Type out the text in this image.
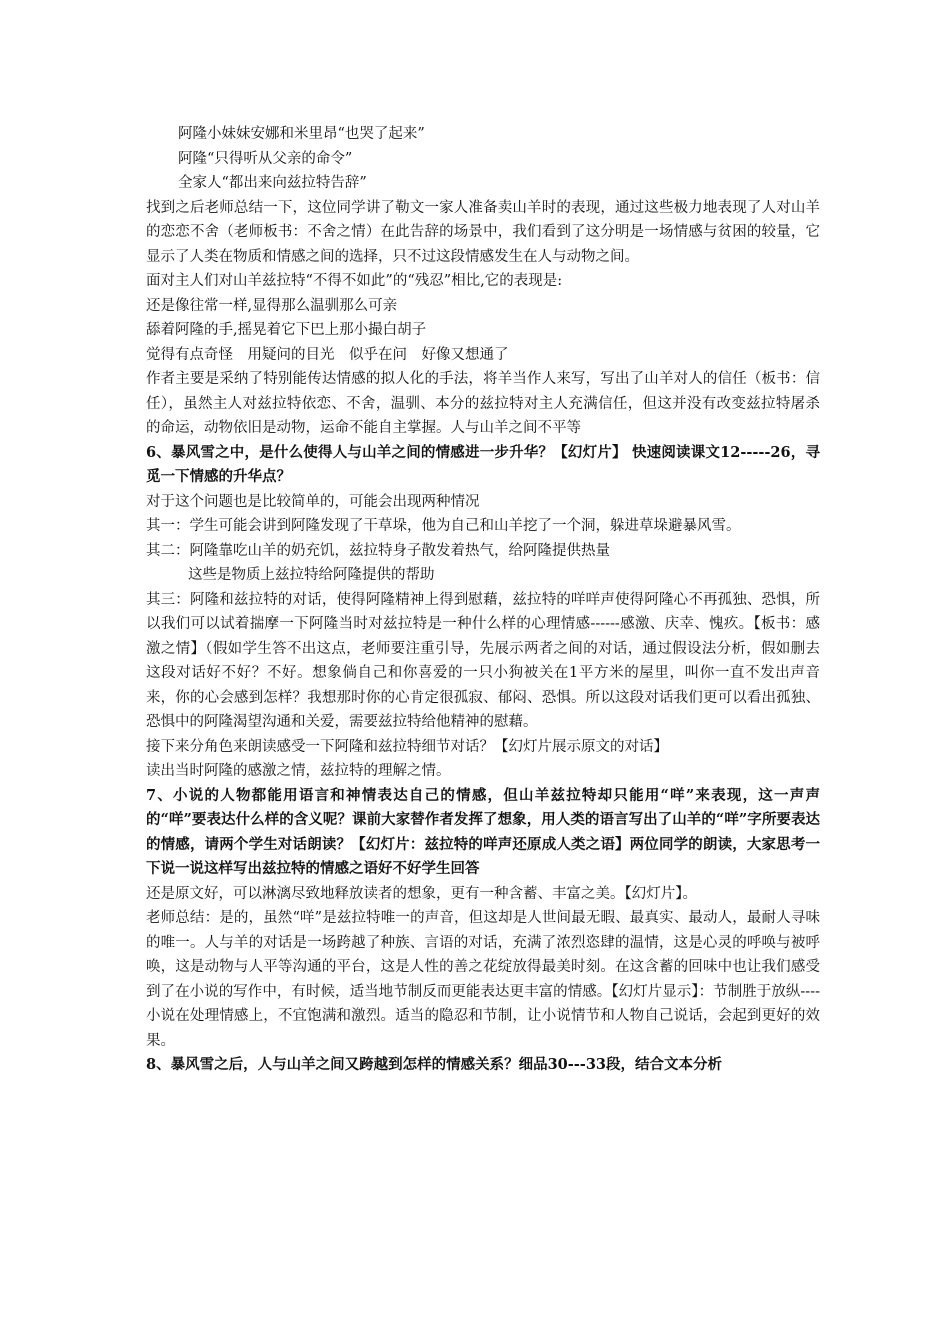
阿隆小妹妹安娜和米里昂“也哭了起来”

阿隆“只得听从父亲的命令”

全家人“都出来向兹拉特告辞”

找到之后老师总结一下，这位同学讲了勒文一家人准备卖山羊时的表现，通过这些极力地表现了人对山羊的恋恋不舍（老师板书：不舍之情）在此告辞的场景中，我们看到了这分明是一场情感与贫困的较量，它显示了人类在物质和情感之间的选择，只不过这段情感发生在人与动物之间。

面对主人们对山羊兹拉特“不得不如此”的“残忍”相比,它的表现是:

还是像往常一样,显得那么温驯那么可亲

舔着阿隆的手,摇晃着它下巴上那小撮白胡子

觉得有点奇怪　用疑问的目光　似乎在问　好像又想通了

作者主要是采纳了特别能传达情感的拟人化的手法，将羊当作人来写，写出了山羊对人的信任（板书：信任），虽然主人对兹拉特依恋、不舍，温驯、本分的兹拉特对主人充满信任，但这并没有改变兹拉特屠杀的命运，动物依旧是动物，运命不能自主掌握。人与山羊之间不平等

6、暴风雪之中，是什么使得人与山羊之间的情感进一步升华？【幻灯片】 快速阅读课文12-----26，寻觅一下情感的升华点？

对于这个问题也是比较简单的，可能会出现两种情况

其一：学生可能会讲到阿隆发现了干草垛，他为自己和山羊挖了一个洞，躲进草垛避暴风雪。

其二：阿隆靠吃山羊的奶充饥，兹拉特身子散发着热气，给阿隆提供热量

这些是物质上兹拉特给阿隆提供的帮助

其三：阿隆和兹拉特的对话，使得阿隆精神上得到慰藉，兹拉特的咩咩声使得阿隆心不再孤独、恐惧，所以我们可以试着揣摩一下阿隆当时对兹拉特是一种什么样的心理情感------感激、庆幸、愧疚。【板书：感激之情】（假如学生答不出这点，老师要注重引导，先展示两者之间的对话，通过假设法分析，假如删去这段对话好不好？不好。想象倘自己和你喜爱的一只小狗被关在1平方米的屋里，叫你一直不发出声音来，你的心会感到怎样？我想那时你的心肯定很孤寂、郁闷、恐惧。所以这段对话我们更可以看出孤独、恐惧中的阿隆渴望沟通和关爱，需要兹拉特给他精神的慰藉。

接下来分角色来朗读感受一下阿隆和兹拉特细节对话？【幻灯片展示原文的对话】

读出当时阿隆的感激之情，兹拉特的理解之情。

7、小说的人物都能用语言和神情表达自己的情感，但山羊兹拉特却只能用“咩”来表现，这一声声的“咩”要表达什么样的含义呢？课前大家替作者发挥了想象，用人类的语言写出了山羊的“咩”字所要表达的情感，请两个学生对话朗读？【幻灯片：兹拉特的咩声还原成人类之语】两位同学的朗读，大家思考一下说一说这样写出兹拉特的情感之语好不好学生回答

还是原文好，可以淋漓尽致地释放读者的想象，更有一种含蓄、丰富之美。【幻灯片】。

老师总结：是的，虽然“咩”是兹拉特唯一的声音，但这却是人世间最无暇、最真实、最动人，最耐人寻味的唯一。人与羊的对话是一场跨越了种族、言语的对话，充满了浓烈恣肆的温情，这是心灵的呼唤与被呼唤，这是动物与人平等沟通的平台，这是人性的善之花绽放得最美时刻。在这含蓄的回味中也让我们感受到了在小说的写作中，有时候，适当地节制反而更能表达更丰富的情感。【幻灯片显示】：节制胜于放纵----小说在处理情感上，不宜饱满和激烈。适当的隐忍和节制，让小说情节和人物自己说话，会起到更好的效果。

8、暴风雪之后，人与山羊之间又跨越到怎样的情感关系？细品30---33段，结合文本分析
